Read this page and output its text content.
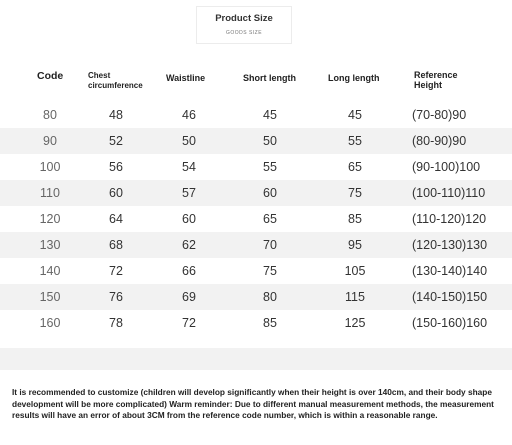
Product Size
GOODS SIZE
Code	Chest
circumference
Waistline	Short length	Long length	Reference
Height
80	48	46	45	45	(70-80)90
90	52	50	50	55	(80-90)90
100	56	54	55	65	(90-100)100
110	60	57	60	75	(100-110)110
120	64	60	65	85	(110-120)120
130	68	62	70	95	(120-130)130
140	72	66	75	105	(130-140)140
150	76	69	80	115	(140-150)150
160	78	72	85	125	(150-160)160
It is recommended to customize (children will develop significantly when their height is over 140cm, and their body shape development will be more complicated) Warm reminder: Due to different manual measurement methods, the measurement results will have an error of about 3CM from the reference code number, which is within a reasonable range.
